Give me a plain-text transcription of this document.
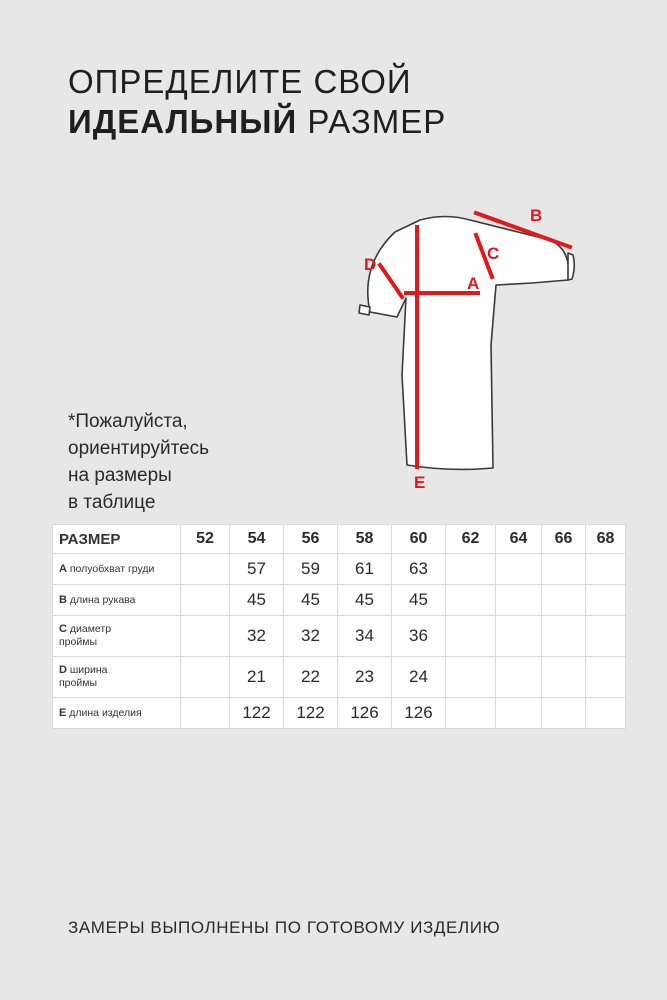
ОПРЕДЕЛИТЕ СВОЙ
ИДЕАЛЬНЫЙ РАЗМЕР
B
C
A
D
E
*Пожалуйста,
ориентируйтесь
на размеры
в таблице
РАЗМЕР	52	54	56	58	60	62	64	66	68
A полуобхват груди		57	59	61	63				
B длина рукава		45	45	45	45				
C диаметр
проймы		32	32	34	36				
D ширина
проймы		21	22	23	24				
E длина изделия		122	122	126	126				
ЗАМЕРЫ ВЫПОЛНЕНЫ ПО ГОТОВОМУ ИЗДЕЛИЮ
